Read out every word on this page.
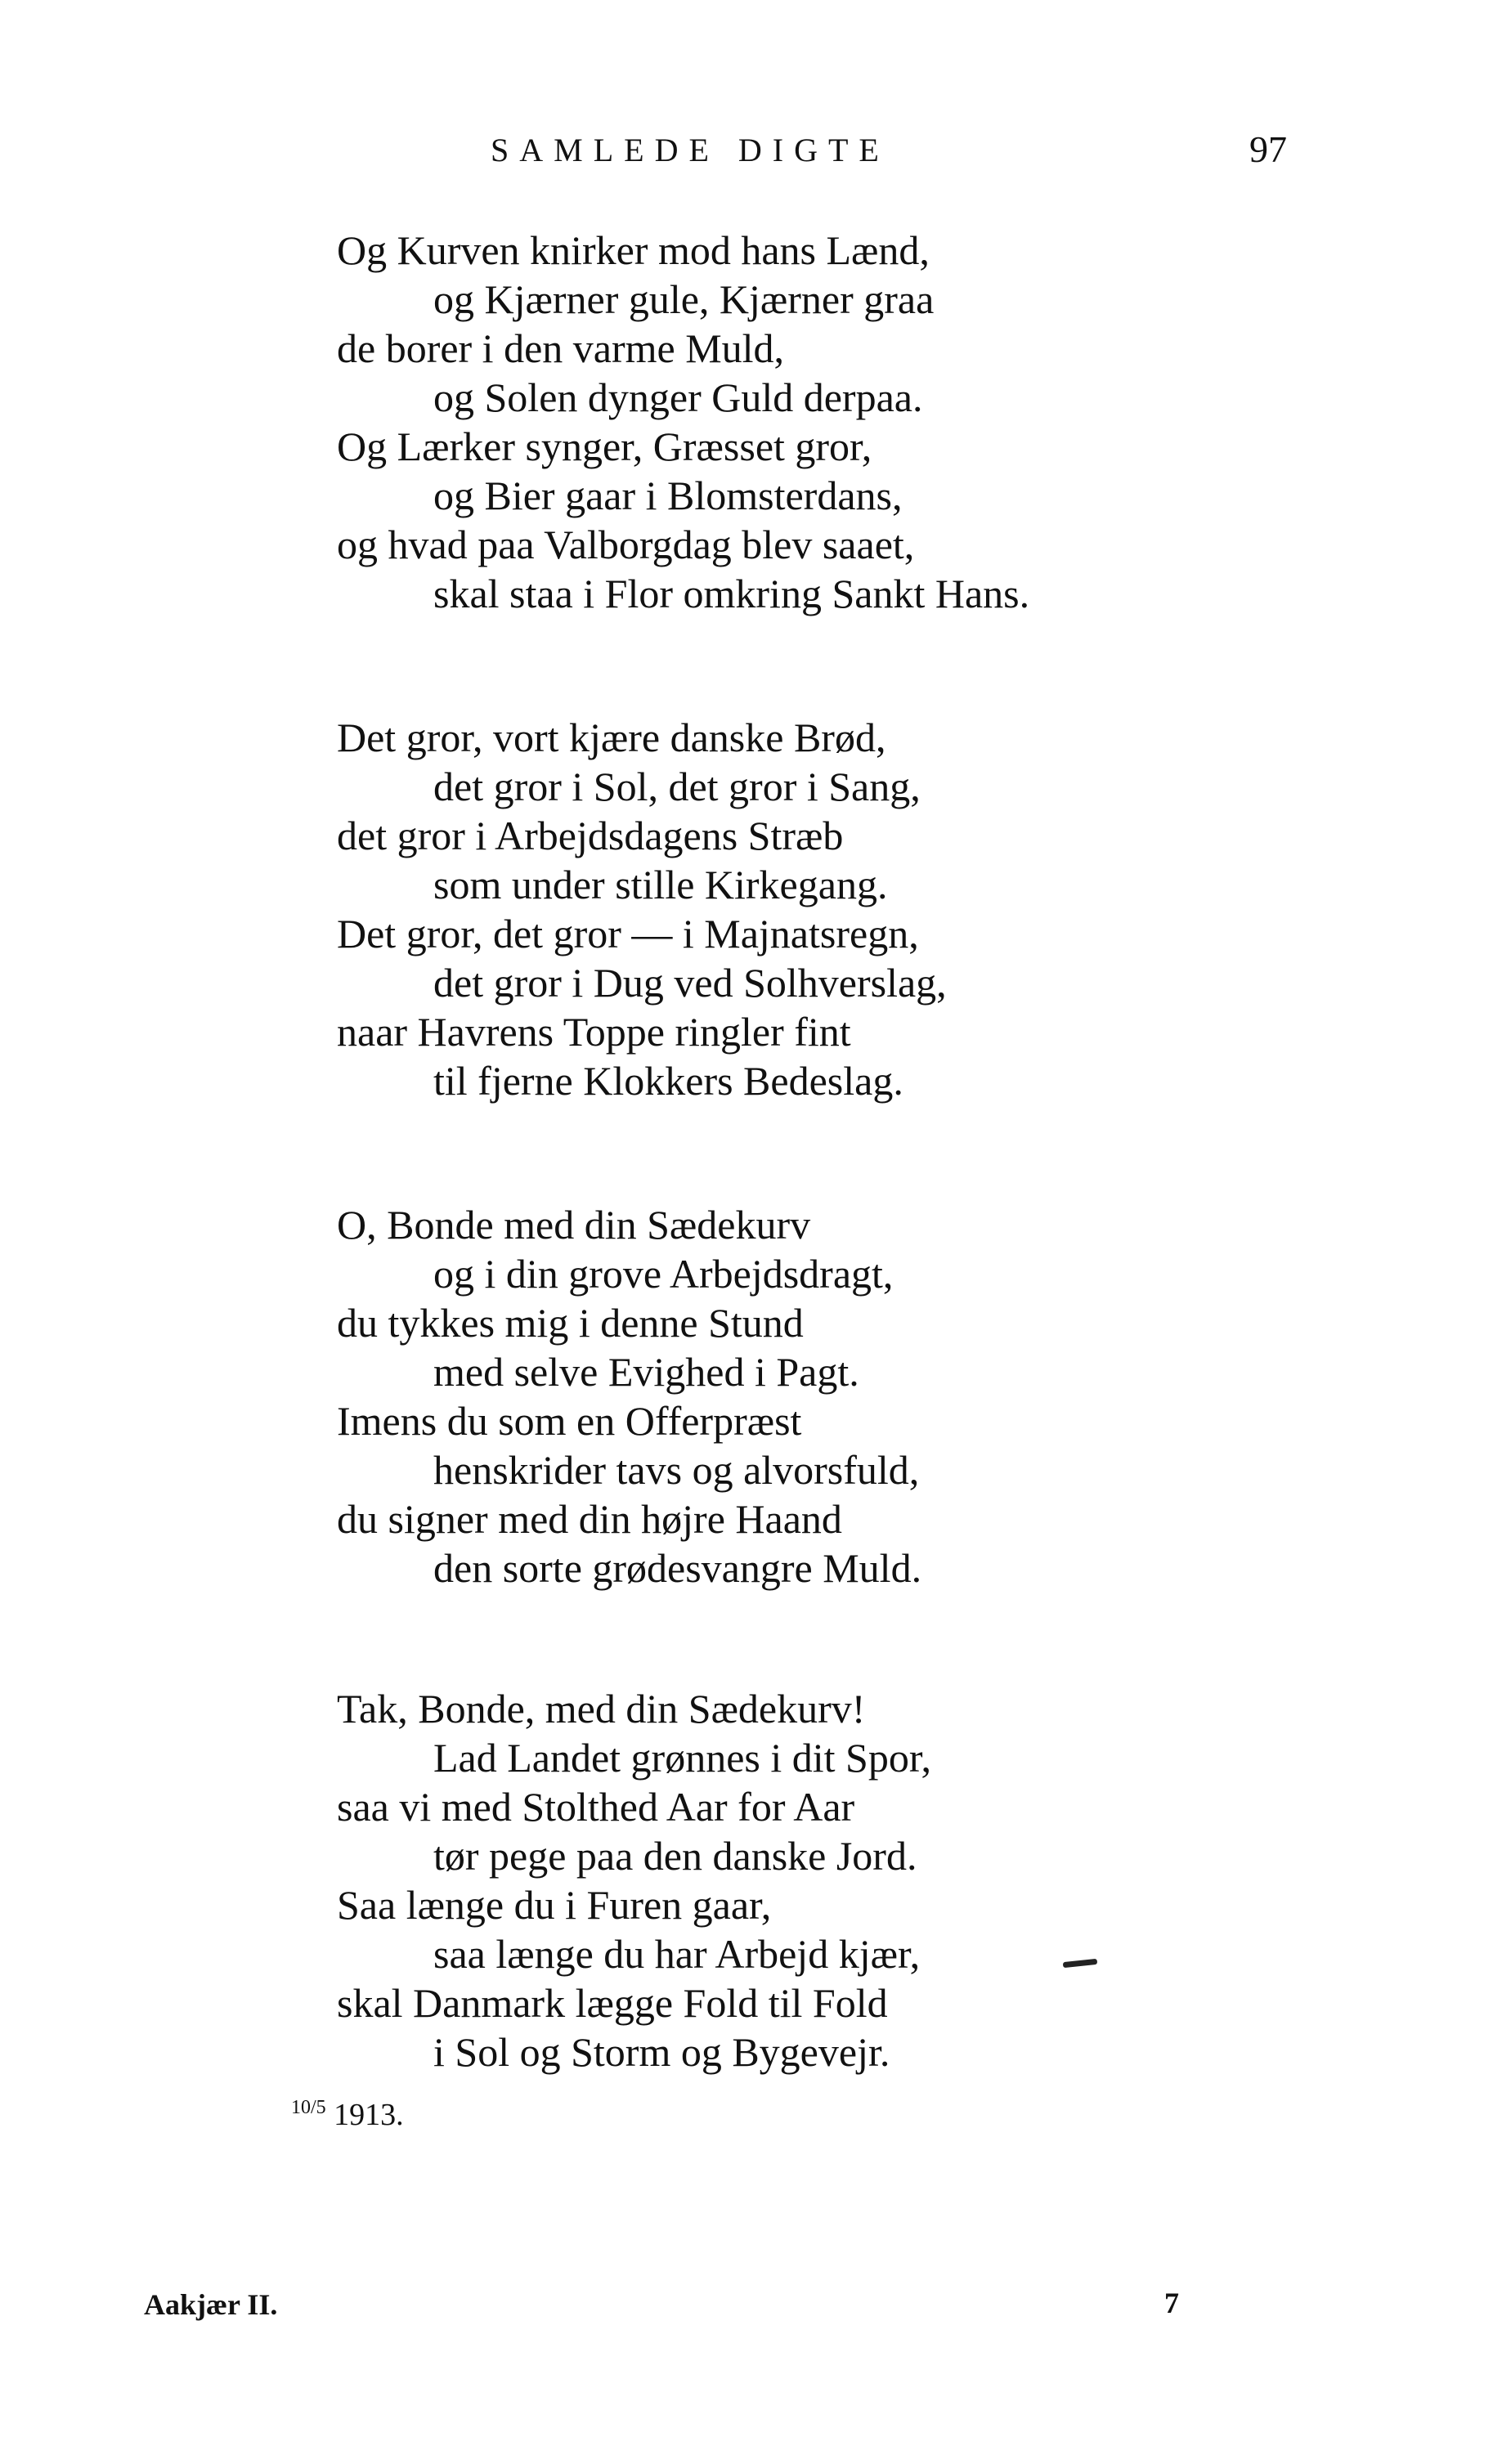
SAMLEDE DIGTE	97
Og Kurven knirker mod hans Lænd,
og Kjærner gule, Kjærner graa
de borer i den varme Muld,
og Solen dynger Guld derpaa.
Og Lærker synger, Græsset gror,
og Bier gaar i Blomsterdans,
og hvad paa Valborgdag blev saaet,
skal staa i Flor omkring Sankt Hans.
Det gror, vort kjære danske Brød,
det gror i Sol, det gror i Sang,
det gror i Arbejdsdagens Stræb
som under stille Kirkegang.
Det gror, det gror — i Majnatsregn,
det gror i Dug ved Solhverslag,
naar Havrens Toppe ringler fint
til fjerne Klokkers Bedeslag.
O, Bonde med din Sædekurv
og i din grove Arbejdsdragt,
du tykkes mig i denne Stund
med selve Evighed i Pagt.
Imens du som en Offerpræst
henskrider tavs og alvorsfuld,
du signer med din højre Haand
den sorte grødesvangre Muld.
Tak, Bonde, med din Sædekurv!
Lad Landet grønnes i dit Spor,
saa vi med Stolthed Aar for Aar
tør pege paa den danske Jord.
Saa længe du i Furen gaar,
saa længe du har Arbejd kjær,
skal Danmark lægge Fold til Fold
i Sol og Storm og Bygevejr.
$^{10/5}$ 1913.
Aakjær II.	7
